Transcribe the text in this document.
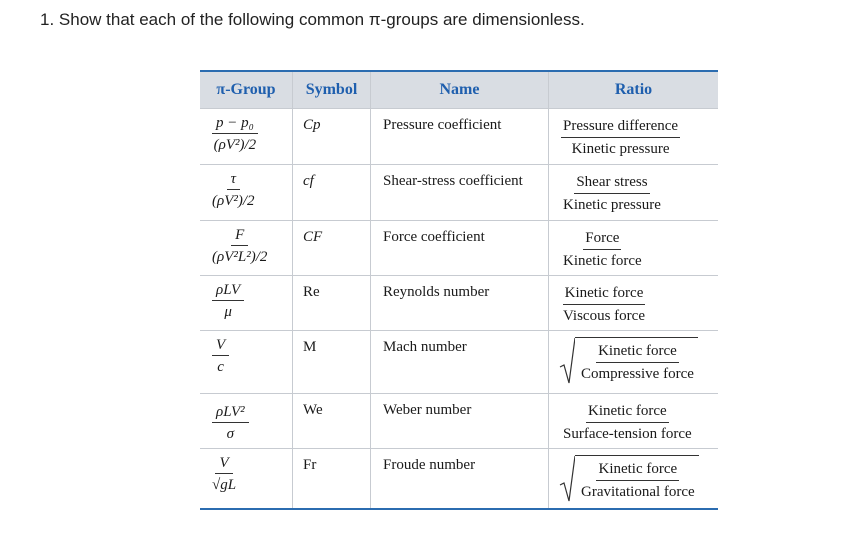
1. Show that each of the following common π-groups are dimensionless.
π-Group	Symbol	Name	Ratio
$\frac{\text{p − p₀}}{\text{(ρV²)/2}}$	Cp	Pressure coefficient	$\frac{\text{Pressure difference}}{\text{Kinetic pressure}}$
$\frac{\tau}{\text{(ρV²)/2}}$	cf	Shear-stress coefficient	$\frac{\text{Shear stress}}{\text{Kinetic pressure}}$
$\frac{F}{\text{(ρV²L²)/2}}$	CF	Force coefficient	$\frac{\text{Force}}{\text{Kinetic force}}$
$\frac{\text{ρLV}}{\mu}$	Re	Reynolds number	$\frac{\text{Kinetic force}}{\text{Viscous force}}$
$\frac{V}{c}$	M	Mach number	$\frac{\text{Kinetic force}}{\text{Compressive force}}$
$\frac{\text{ρLV²}}{\sigma}$	We	Weber number	$\frac{\text{Kinetic force}}{\text{Surface-tension force}}$
$\frac{V}{√gL}$	Fr	Froude number	$\frac{\text{Kinetic force}}{\text{Gravitational force}}$
